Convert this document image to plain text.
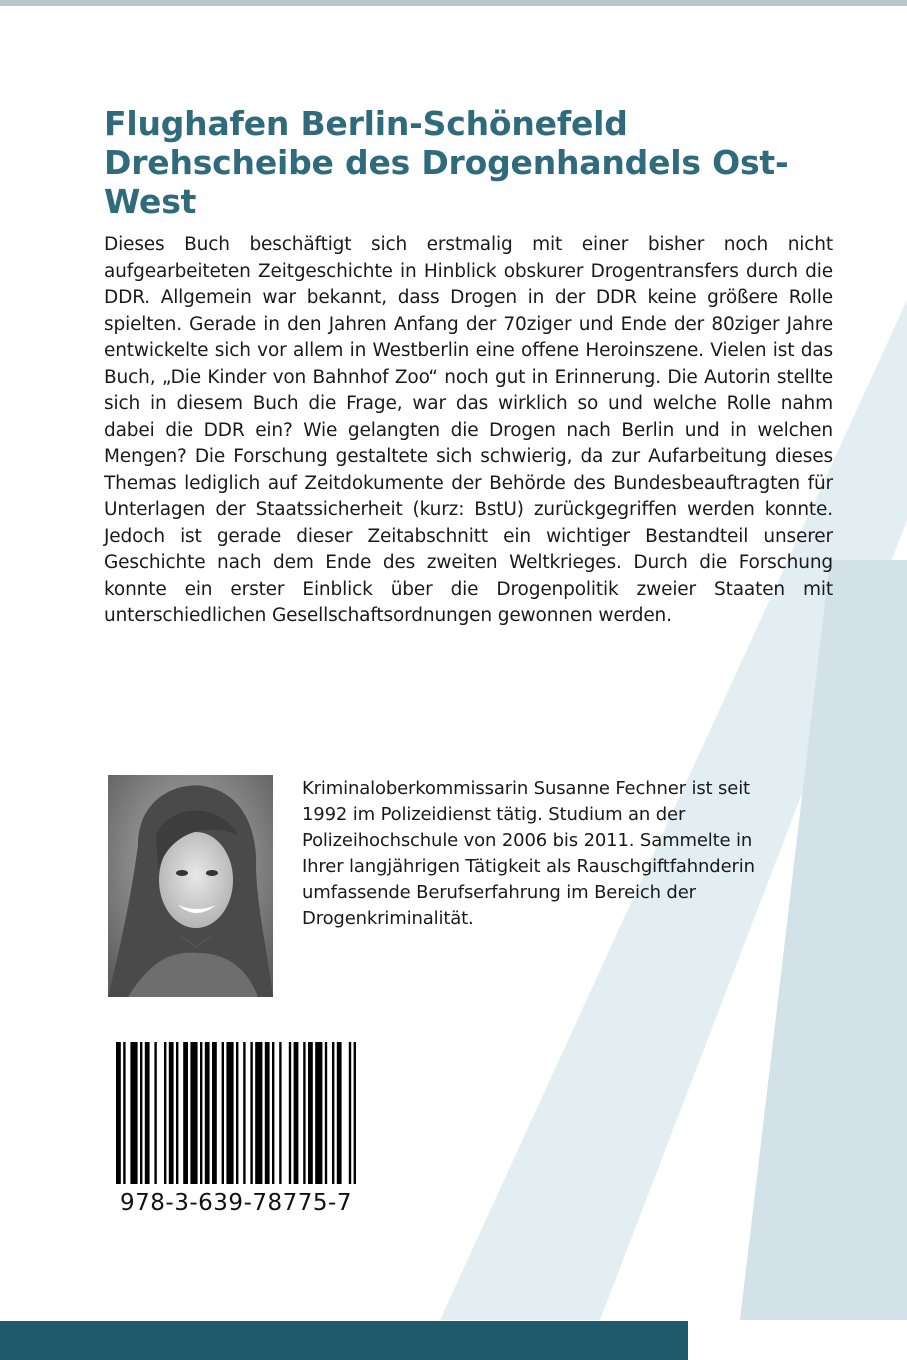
Flughafen Berlin-Schönefeld
Drehscheibe des Drogenhandels Ost-
West

Dieses Buch beschäftigt sich erstmalig mit einer bisher noch nicht aufgearbeiteten Zeitgeschichte in Hinblick obskurer Drogentransfers durch die DDR. Allgemein war bekannt, dass Drogen in der DDR keine größere Rolle spielten. Gerade in den Jahren Anfang der 70ziger und Ende der 80ziger Jahre entwickelte sich vor allem in Westberlin eine offene Heroinszene. Vielen ist das Buch, „Die Kinder von Bahnhof Zoo“ noch gut in Erinnerung. Die Autorin stellte sich in diesem Buch die Frage, war das wirklich so und welche Rolle nahm dabei die DDR ein? Wie gelangten die Drogen nach Berlin und in welchen Mengen? Die Forschung gestaltete sich schwierig, da zur Aufarbeitung dieses Themas lediglich auf Zeitdokumente der Behörde des Bundesbeauftragten für Unterlagen der Staatssicherheit (kurz: BstU) zurückgegriffen werden konnte. Jedoch ist gerade dieser Zeitabschnitt ein wichtiger Bestandteil unserer Geschichte nach dem Ende des zweiten Weltkrieges. Durch die Forschung konnte ein erster Einblick über die Drogenpolitik zweier Staaten mit unterschiedlichen Gesellschaftsordnungen gewonnen werden.

Kriminaloberkommissarin Susanne Fechner ist seit
1992 im Polizeidienst tätig. Studium an der
Polizeihochschule von 2006 bis 2011. Sammelte in
Ihrer langjährigen Tätigkeit als Rauschgiftfahnderin
umfassende Berufserfahrung im Bereich der
Drogenkriminalität.
978-3-639-78775-7
